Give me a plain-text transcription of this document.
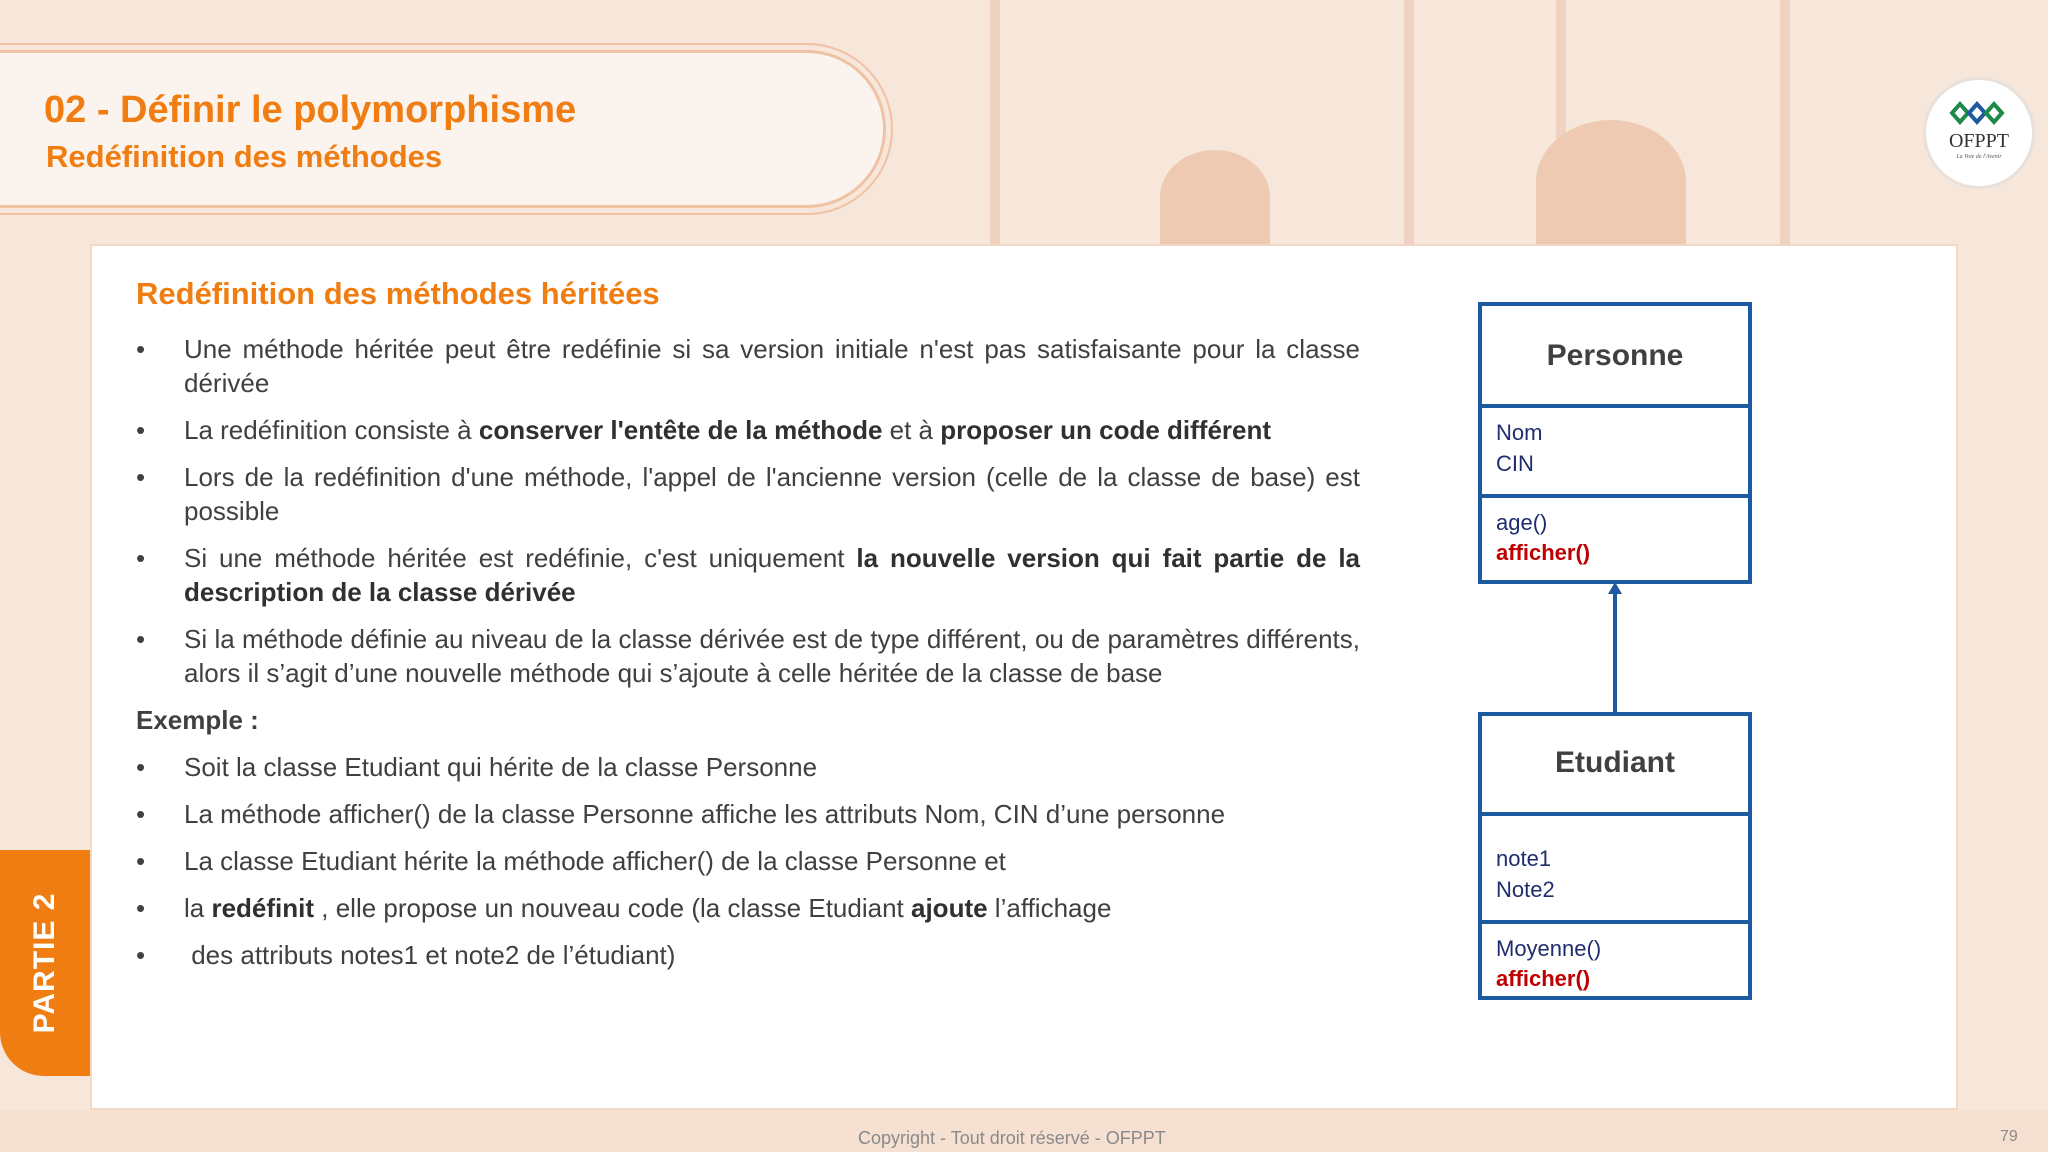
02 - Définir le polymorphisme
Redéfinition des méthodes	OFPPT
La Voie de l'Avenir
PARTIE 2
Redéfinition des méthodes héritées
• Une méthode héritée peut être redéfinie si sa version initiale n'est pas satisfaisante pour la classe dérivée
• La redéfinition consiste à conserver l'entête de la méthode et à proposer un code différent
• Lors de la redéfinition d'une méthode, l'appel de l'ancienne version (celle de la classe de base) est possible
• Si une méthode héritée est redéfinie, c'est uniquement la nouvelle version qui fait partie de la description de la classe dérivée
• Si la méthode définie au niveau de la classe dérivée est de type différent, ou de paramètres différents, alors il s’agit d’une nouvelle méthode qui s’ajoute à celle héritée de la classe de base
Exemple :
• Soit la classe Etudiant qui hérite de la classe Personne
• La méthode afficher() de la classe Personne affiche les attributs Nom, CIN d’une personne
• La classe Etudiant hérite la méthode afficher() de la classe Personne et
• la redéfinit , elle propose un nouveau code (la classe Etudiant ajoute l’affichage
•  des attributs notes1 et note2 de l’étudiant)
Personne
Nom
CIN
age()
afficher()
Etudiant
note1
Note2
Moyenne()
afficher()
Copyright - Tout droit réservé - OFPPT	79
